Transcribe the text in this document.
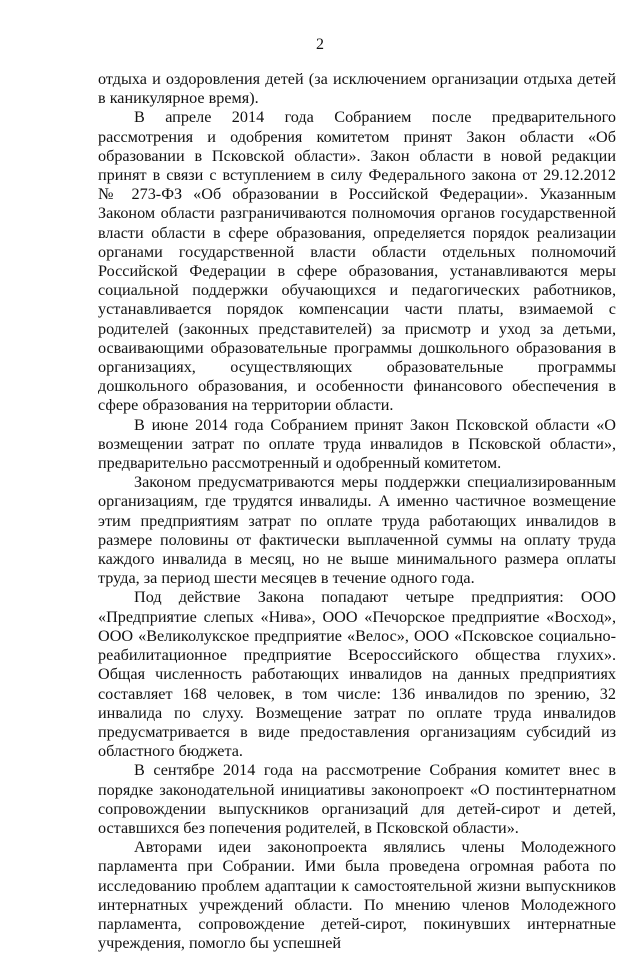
2

отдыха и оздоровления детей (за исключением организации отдыха детей в каникулярное время).

В апреле 2014 года Собранием после предварительного рассмотрения и одобрения комитетом принят Закон области «Об образовании в Псковской области». Закон области в новой редакции принят в связи с вступлением в силу Федерального закона от 29.12.2012 № 273-ФЗ «Об образовании в Российской Федерации». Указанным Законом области разграничиваются полномочия органов государственной власти области в сфере образования, определяется порядок реализации органами государственной власти области отдельных полномочий Российской Федерации в сфере образования, устанавливаются меры социальной поддержки обучающихся и педагогических работников, устанавливается порядок компенсации части платы, взимаемой с родителей (законных представителей) за присмотр и уход за детьми, осваивающими образовательные программы дошкольного образования в организациях, осуществляющих образовательные программы дошкольного образования, и особенности финансового обеспечения в сфере образования на территории области.

В июне 2014 года Собранием принят Закон Псковской области «О возмещении затрат по оплате труда инвалидов в Псковской области», предварительно рассмотренный и одобренный комитетом.

Законом предусматриваются меры поддержки специализированным организациям, где трудятся инвалиды. А именно частичное возмещение этим предприятиям затрат по оплате труда работающих инвалидов в размере половины от фактически выплаченной суммы на оплату труда каждого инвалида в месяц, но не выше минимального размера оплаты труда, за период шести месяцев в течение одного года.

Под действие Закона попадают четыре предприятия: ООО «Предприятие слепых «Нива», ООО «Печорское предприятие «Восход», ООО «Великолукское предприятие «Велос», ООО «Псковское социально-реабилитационное предприятие Всероссийского общества глухих». Общая численность работающих инвалидов на данных предприятиях составляет 168 человек, в том числе: 136 инвалидов по зрению, 32 инвалида по слуху. Возмещение затрат по оплате труда инвалидов предусматривается в виде предоставления организациям субсидий из областного бюджета.

В сентябре 2014 года на рассмотрение Собрания комитет внес в порядке законодательной инициативы законопроект «О постинтернатном сопровождении выпускников организаций для детей-сирот и детей, оставшихся без попечения родителей, в Псковской области».

Авторами идеи законопроекта являлись члены Молодежного парламента при Собрании. Ими была проведена огромная работа по исследованию проблем адаптации к самостоятельной жизни выпускников интернатных учреждений области. По мнению членов Молодежного парламента, сопровождение детей-сирот, покинувших интернатные учреждения, помогло бы успешней
